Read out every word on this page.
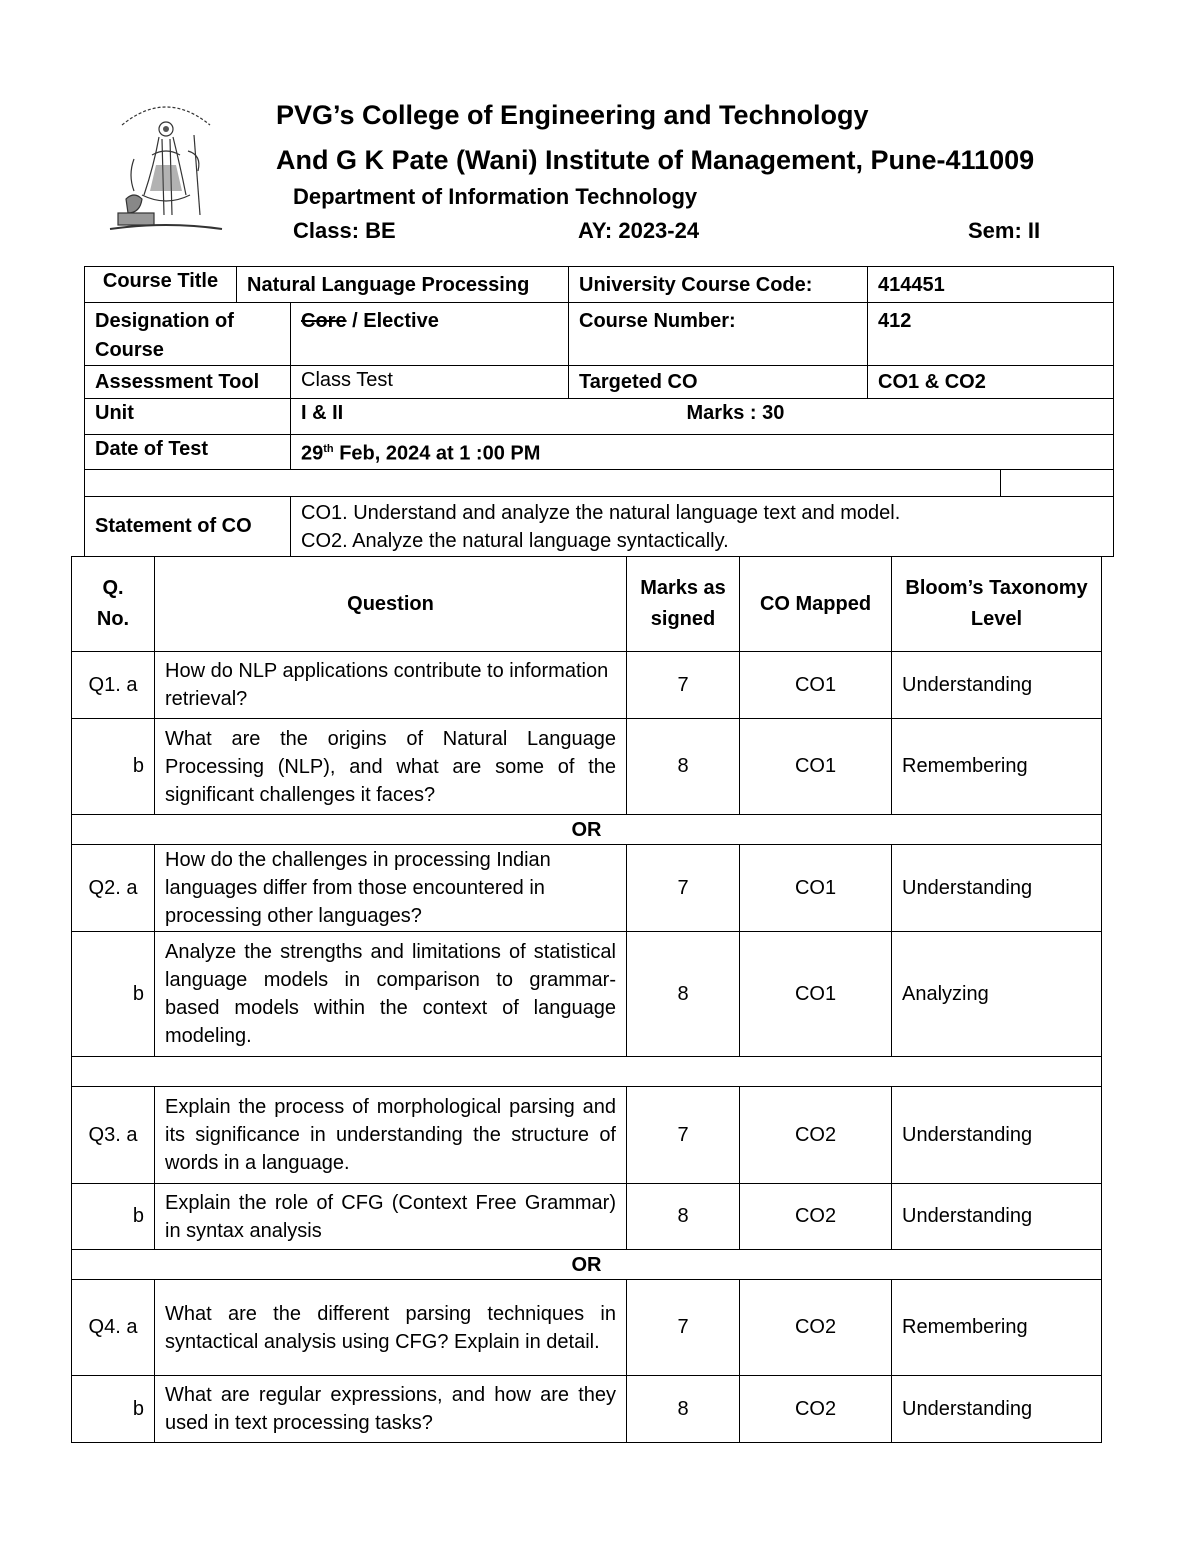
PVG’s College of Engineering and Technology
And G K Pate (Wani) Institute of Management, Pune-411009
Department of Information Technology
Class: BE	AY: 2023-24	Sem: II
Course Title	Natural Language Processing		University Course Code:	414451	
Designation of Course		Core / Elective	Course Number:	412	
Assessment Tool		Class Test	Targeted CO	CO1 & CO2	
Unit		I & II Marks : 30			

Date of Test		29th Feb, 2024 at 1 :00 PM			

Statement of CO		CO1. Understand and analyze the natural language text and model.
CO2. Analyze the natural language syntactically.			
Q. No.	Question	Marks assigned	CO Mapped	Bloom’s Taxonomy Level
Q1. a	How do NLP applications contribute to information retrieval?	7	CO1	Understanding
b	What are the origins of Natural Language Processing (NLP), and what are some of the significant challenges it faces?	8	CO1	Remembering
OR				
Q2. a	How do the challenges in processing Indian languages differ from those encountered in processing other languages?	7	CO1	Understanding
b	Analyze the strengths and limitations of statistical language models in comparison to grammar-based models within the context of language modeling.	8	CO1	Analyzing

Q3. a	Explain the process of morphological parsing and its significance in understanding the structure of words in a language.	7	CO2	Understanding
b	Explain the role of CFG (Context Free Grammar) in syntax analysis	8	CO2	Understanding
OR				
Q4. a	What are the different parsing techniques in syntactical analysis using CFG? Explain in detail.	7	CO2	Remembering
b	What are regular expressions, and how are they used in text processing tasks?	8	CO2	Understanding
